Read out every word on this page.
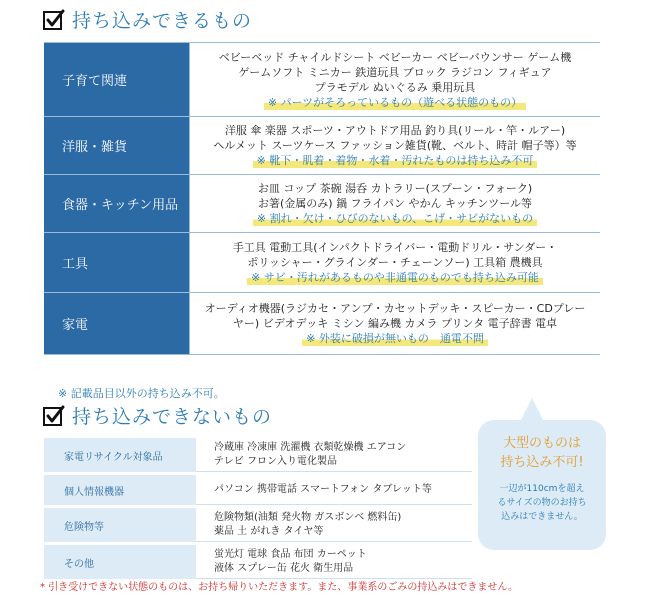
持ち込みできるもの
子育て関連
ベビーベッド チャイルドシート ベビーカー ベビーバウンサー ゲーム機
ゲームソフト ミニカー 鉄道玩具 ブロック ラジコン フィギュア
プラモデル ぬいぐるみ 乗用玩具
※ パーツがそろっているもの（遊べる状態のもの）
洋服・雑貨
洋服 傘 楽器 スポーツ・アウトドア用品 釣り具(リール・竿・ルアー)
ヘルメット スーツケース ファッション雑貨(靴、ベルト、時計 帽子等）等
※ 靴下・肌着・着物・水着・汚れたものは持ち込み不可
食器・キッチン用品
お皿 コップ 茶碗 湯呑 カトラリー(スプーン・フォーク)
お箸(金属のみ) 鍋 フライパン やかん キッチンツール等
※ 割れ・欠け・ひびのないもの、こげ・サビがないもの
工具
手工具 電動工具(インパクトドライバー・電動ドリル・サンダー・
ポリッシャー・グラインダー・チェーンソー) 工具箱 農機具
※ サビ・汚れがあるものや非通電のものでも持ち込み可能
家電
オーディオ機器(ラジカセ・アンプ・カセットデッキ・スピーカー・CDプレー
ヤー) ビデオデッキ ミシン 編み機 カメラ プリンタ 電子辞書 電卓
※ 外装に破損が無いもの　通電不問
※ 記載品目以外の持ち込み不可。
持ち込みできないもの
家電リサイクル対象品
冷蔵庫 冷凍庫 洗濯機 衣類乾燥機 エアコン
テレビ フロン入り電化製品
個人情報機器	パソコン 携帯電話 スマートフォン タブレット等
危険物等
危険物類(油類 発火物 ガスボンベ 燃料缶)
薬品 土 がれき タイヤ等
その他
蛍光灯 電球 食品 布団 カーペット
液体 スプレー缶 花火 衛生用品
大型のものは
持ち込み不可!
一辺が110cmを超え
るサイズの物のお持ち
込みはできません。
* 引き受けできない状態のものは、お持ち帰りいただきます。また、事業系のごみの持込みはできません。
